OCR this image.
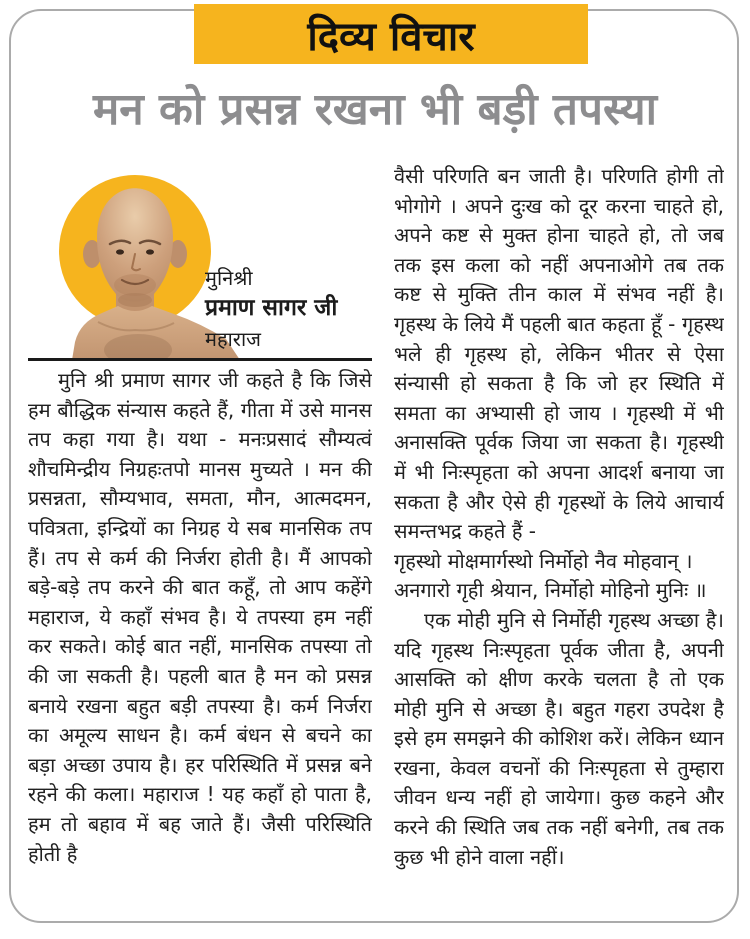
दिव्य विचार
मन को प्रसन्न रखना भी बड़ी तपस्या
मुनिश्री
प्रमाण सागर जी
महाराज

मुनि श्री प्रमाण सागर जी कहते है कि जिसे हम बौद्धिक संन्यास कहते हैं, गीता में उसे मानस तप कहा गया है। यथा - मनःप्रसादं सौम्यत्वं शौचमिन्द्रीय निग्रहःतपो मानस मुच्यते । मन की प्रसन्नता, सौम्यभाव, समता, मौन, आत्मदमन, पवित्रता, इन्द्रियों का निग्रह ये सब मानसिक तप हैं। तप से कर्म की निर्जरा होती है। मैं आपको बड़े-बड़े तप करने की बात कहूँ, तो आप कहेंगे महाराज, ये कहाँ संभव है। ये तपस्या हम नहीं कर सकते। कोई बात नहीं, मानसिक तपस्या तो की जा सकती है। पहली बात है मन को प्रसन्न बनाये रखना बहुत बड़ी तपस्या है। कर्म निर्जरा का अमूल्य साधन है। कर्म बंधन से बचने का बड़ा अच्छा उपाय है। हर परिस्थिति में प्रसन्न बने रहने की कला। महाराज ! यह कहाँ हो पाता है, हम तो बहाव में बह जाते हैं। जैसी परिस्थिति होती है

वैसी परिणति बन जाती है। परिणति होगी तो भोगोगे । अपने दुःख को दूर करना चाहते हो, अपने कष्ट से मुक्त होना चाहते हो, तो जब तक इस कला को नहीं अपनाओगे तब तक कष्ट से मुक्ति तीन काल में संभव नहीं है। गृहस्थ के लिये मैं पहली बात कहता हूँ - गृहस्थ भले ही गृहस्थ हो, लेकिन भीतर से ऐसा संन्यासी हो सकता है कि जो हर स्थिति में समता का अभ्यासी हो जाय । गृहस्थी में भी अनासक्ति पूर्वक जिया जा सकता है। गृहस्थी में भी निःस्पृहता को अपना आदर्श बनाया जा सकता है और ऐसे ही गृहस्थों के लिये आचार्य समन्तभद्र कहते हैं -

गृहस्थो मोक्षमार्गस्थो निर्मोहो नैव मोहवान् ।
अनगारो गृही श्रेयान, निर्मोहो मोहिनो मुनिः ॥

एक मोही मुनि से निर्मोही गृहस्थ अच्छा है। यदि गृहस्थ निःस्पृहता पूर्वक जीता है, अपनी आसक्ति को क्षीण करके चलता है तो एक मोही मुनि से अच्छा है। बहुत गहरा उपदेश है इसे हम समझने की कोशिश करें। लेकिन ध्यान रखना, केवल वचनों की निःस्पृहता से तुम्हारा जीवन धन्य नहीं हो जायेगा। कुछ कहने और करने की स्थिति जब तक नहीं बनेगी, तब तक कुछ भी होने वाला नहीं।
